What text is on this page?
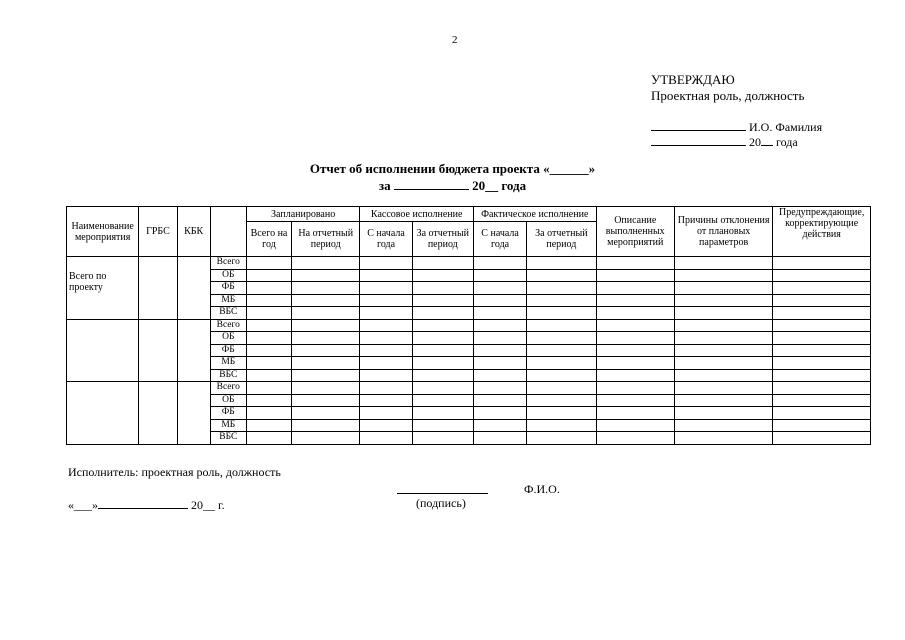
2
УТВЕРЖДАЮ
Проектная роль, должность
И.О. Фамилия
20 года
Отчет об исполнении бюджета проекта «______»
за	20__ года
Наименование мероприятия	ГРБС	КБК		Запланировано		Кассовое исполнение		Фактическое исполнение		Описание выполненных мероприятий	Причины отклонения от плановых параметров	Предупреждающие, корректирующие действия
				Всего на год	На отчетный период	С начала года	За отчетный период	С начала года	За отчетный период			
Всего по проекту			Всего									
			ОБ									
			ФБ									
			МБ									
			ВБС									
			Всего									
			ОБ									
			ФБ									
			МБ									
			ВБС									
			Всего									
			ОБ									
			ФБ									
			МБ									
			ВБС									
Исполнитель: проектная роль, должность
Ф.И.О.
(подпись)
«___»	20__ г.
